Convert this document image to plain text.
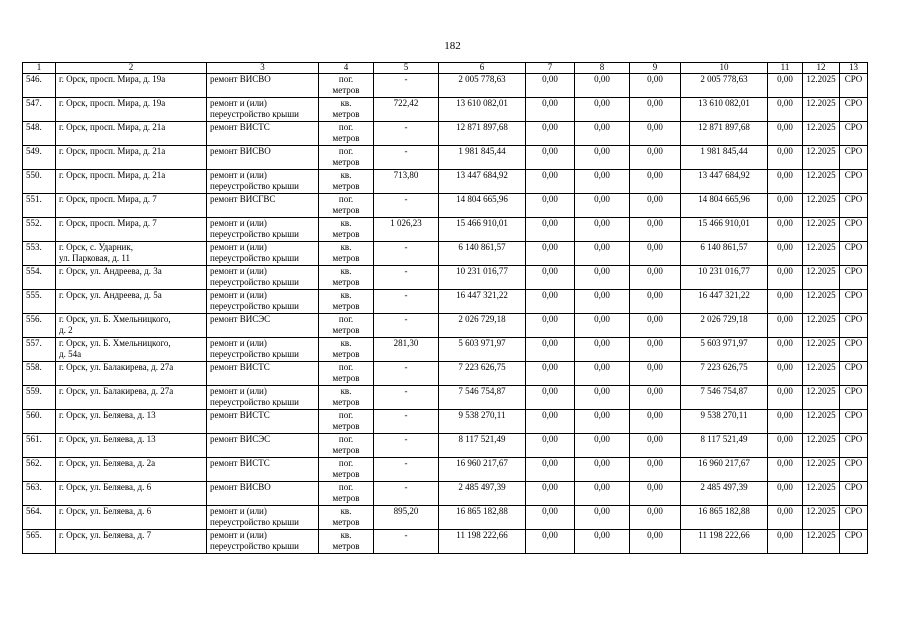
182
1	2	3	4	5	6	7	8	9	10	11	12	13
546.	г. Орск, просп. Мира, д. 19а	ремонт ВИСВО	пог.
метров	-	2 005 778,63	0,00	0,00	0,00	2 005 778,63	0,00	12.2025	СРО
547.	г. Орск, просп. Мира, д. 19а	ремонт и (или)
переустройство крыши	кв.
метров	722,42	13 610 082,01	0,00	0,00	0,00	13 610 082,01	0,00	12.2025	СРО
548.	г. Орск, просп. Мира, д. 21а	ремонт ВИСТС	пог.
метров	-	12 871 897,68	0,00	0,00	0,00	12 871 897,68	0,00	12.2025	СРО
549.	г. Орск, просп. Мира, д. 21а	ремонт ВИСВО	пог.
метров	-	1 981 845,44	0,00	0,00	0,00	1 981 845,44	0,00	12.2025	СРО
550.	г. Орск, просп. Мира, д. 21а	ремонт и (или)
переустройство крыши	кв.
метров	713,80	13 447 684,92	0,00	0,00	0,00	13 447 684,92	0,00	12.2025	СРО
551.	г. Орск, просп. Мира, д. 7	ремонт ВИСГВС	пог.
метров	-	14 804 665,96	0,00	0,00	0,00	14 804 665,96	0,00	12.2025	СРО
552.	г. Орск, просп. Мира, д. 7	ремонт и (или)
переустройство крыши	кв.
метров	1 026,23	15 466 910,01	0,00	0,00	0,00	15 466 910,01	0,00	12.2025	СРО
553.	г. Орск, с. Ударник,
ул. Парковая, д. 11	ремонт и (или)
переустройство крыши	кв.
метров	-	6 140 861,57	0,00	0,00	0,00	6 140 861,57	0,00	12.2025	СРО
554.	г. Орск, ул. Андреева, д. 3а	ремонт и (или)
переустройство крыши	кв.
метров	-	10 231 016,77	0,00	0,00	0,00	10 231 016,77	0,00	12.2025	СРО
555.	г. Орск, ул. Андреева, д. 5а	ремонт и (или)
переустройство крыши	кв.
метров	-	16 447 321,22	0,00	0,00	0,00	16 447 321,22	0,00	12.2025	СРО
556.	г. Орск, ул. Б. Хмельницкого,
д. 2	ремонт ВИСЭС	пог.
метров	-	2 026 729,18	0,00	0,00	0,00	2 026 729,18	0,00	12.2025	СРО
557.	г. Орск, ул. Б. Хмельницкого,
д. 54а	ремонт и (или)
переустройство крыши	кв.
метров	281,30	5 603 971,97	0,00	0,00	0,00	5 603 971,97	0,00	12.2025	СРО
558.	г. Орск, ул. Балакирева, д. 27а	ремонт ВИСТС	пог.
метров	-	7 223 626,75	0,00	0,00	0,00	7 223 626,75	0,00	12.2025	СРО
559.	г. Орск, ул. Балакирева, д. 27а	ремонт и (или)
переустройство крыши	кв.
метров	-	7 546 754,87	0,00	0,00	0,00	7 546 754,87	0,00	12.2025	СРО
560.	г. Орск, ул. Беляева, д. 13	ремонт ВИСТС	пог.
метров	-	9 538 270,11	0,00	0,00	0,00	9 538 270,11	0,00	12.2025	СРО
561.	г. Орск, ул. Беляева, д. 13	ремонт ВИСЭС	пог.
метров	-	8 117 521,49	0,00	0,00	0,00	8 117 521,49	0,00	12.2025	СРО
562.	г. Орск, ул. Беляева, д. 2а	ремонт ВИСТС	пог.
метров	-	16 960 217,67	0,00	0,00	0,00	16 960 217,67	0,00	12.2025	СРО
563.	г. Орск, ул. Беляева, д. 6	ремонт ВИСВО	пог.
метров	-	2 485 497,39	0,00	0,00	0,00	2 485 497,39	0,00	12.2025	СРО
564.	г. Орск, ул. Беляева, д. 6	ремонт и (или)
переустройство крыши	кв.
метров	895,20	16 865 182,88	0,00	0,00	0,00	16 865 182,88	0,00	12.2025	СРО
565.	г. Орск, ул. Беляева, д. 7	ремонт и (или)
переустройство крыши	кв.
метров	-	11 198 222,66	0,00	0,00	0,00	11 198 222,66	0,00	12.2025	СРО
